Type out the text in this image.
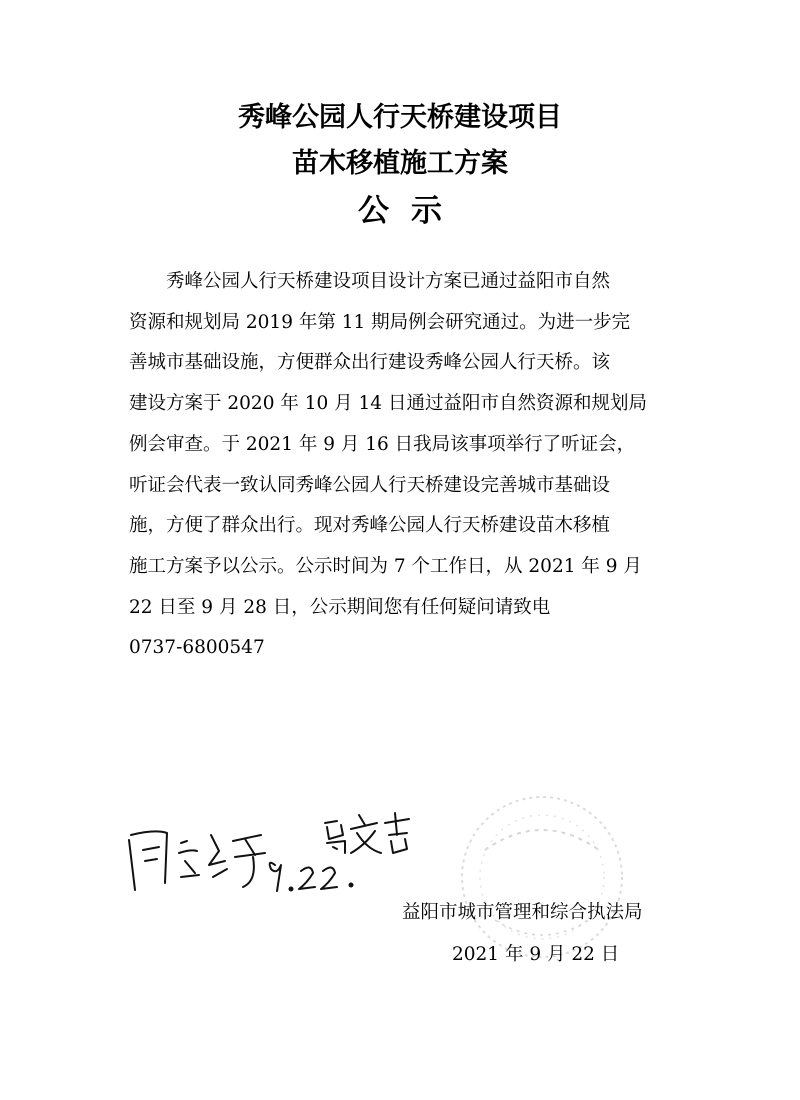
秀峰公园人行天桥建设项目
苗木移植施工方案
公示
秀峰公园人行天桥建设项目设计方案已通过益阳市自然
资源和规划局 2019 年第 11 期局例会研究通过。为进一步完
善城市基础设施，方便群众出行建设秀峰公园人行天桥。该
建设方案于 2020 年 10 月 14 日通过益阳市自然资源和规划局
例会审查。于 2021 年 9 月 16 日我局该事项举行了听证会，
听证会代表一致认同秀峰公园人行天桥建设完善城市基础设
施，方便了群众出行。现对秀峰公园人行天桥建设苗木移植
施工方案予以公示。公示时间为 7 个工作日，从 2021 年 9 月
22 日至 9 月 28 日，公示期间您有任何疑问请致电
0737-6800547
益阳市城市管理和综合执法局
2021 年 9 月 22 日
